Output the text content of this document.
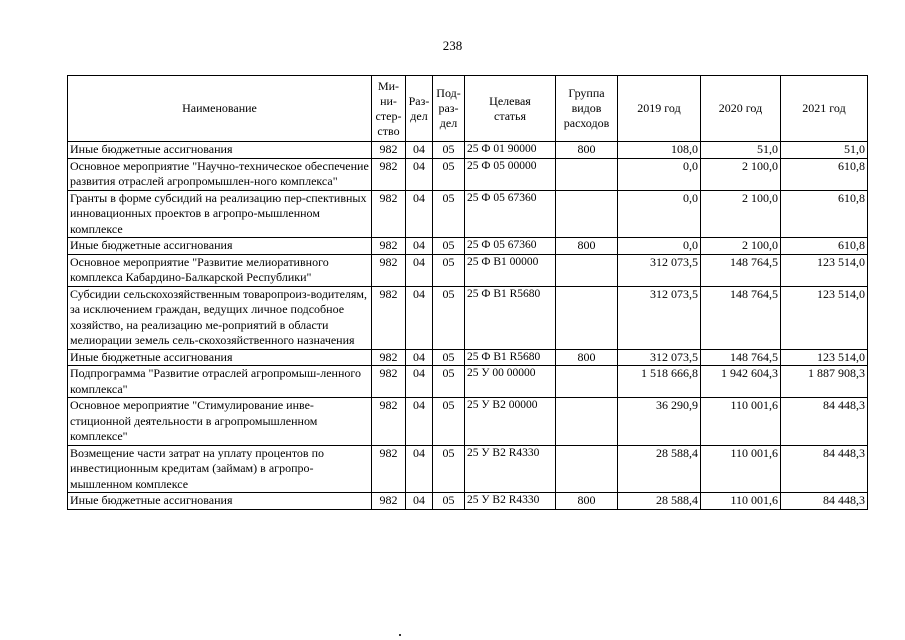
238
Наименование	Ми-
ни-
стер-
ство	Раз-
дел	Под-
раз-
дел	Целевая
статья	Группа
видов
расходов	2019 год	2020 год	2021 год
Иные бюджетные ассигнования	982	04	05	25 Ф 01 90000	800	108,0	51,0	51,0
Основное мероприятие "Научно-техническое обеспечение развития отраслей агропромышлен-ного комплекса"	982	04	05	25 Ф 05 00000		0,0	2 100,0	610,8
Гранты в форме субсидий на реализацию пер-спективных инновационных проектов в агропро-мышленном комплексе	982	04	05	25 Ф 05 67360		0,0	2 100,0	610,8
Иные бюджетные ассигнования	982	04	05	25 Ф 05 67360	800	0,0	2 100,0	610,8
Основное мероприятие "Развитие мелиоративного комплекса Кабардино-Балкарской Республики"	982	04	05	25 Ф В1 00000		312 073,5	148 764,5	123 514,0
Субсидии сельскохозяйственным товаропроиз-водителям, за исключением граждан, ведущих личное подсобное хозяйство, на реализацию ме-роприятий в области мелиорации земель сель-скохозяйственного назначения	982	04	05	25 Ф В1 R5680		312 073,5	148 764,5	123 514,0
Иные бюджетные ассигнования	982	04	05	25 Ф В1 R5680	800	312 073,5	148 764,5	123 514,0
Подпрограмма "Развитие отраслей агропромыш-ленного комплекса"	982	04	05	25 У 00 00000		1 518 666,8	1 942 604,3	1 887 908,3
Основное мероприятие "Стимулирование инве-стиционной деятельности в агропромышленном комплексе"	982	04	05	25 У В2 00000		36 290,9	110 001,6	84 448,3
Возмещение части затрат на уплату процентов по инвестиционным кредитам (займам) в агропро-мышленном комплексе	982	04	05	25 У В2 R4330		28 588,4	110 001,6	84 448,3
Иные бюджетные ассигнования	982	04	05	25 У В2 R4330	800	28 588,4	110 001,6	84 448,3
